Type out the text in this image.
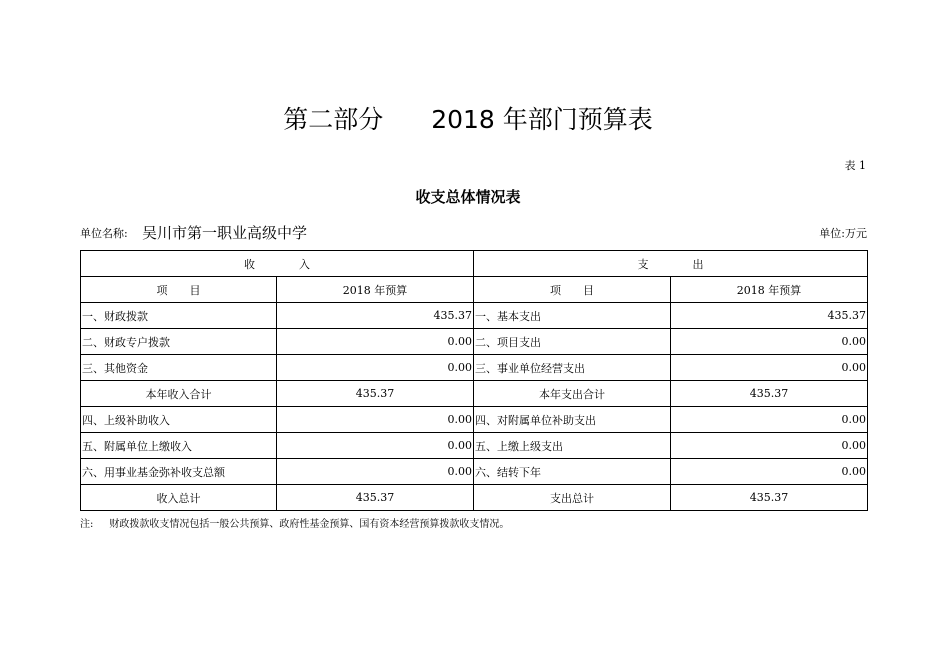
第二部分 2018 年部门预算表
表 1
收支总体情况表
单位名称: 吴川市第一职业高级中学	单位:万元
收　　　　入		支　　　　出	
项　　目	2018 年预算	项　　目	2018 年预算
一、财政拨款	435.37	一、基本支出	435.37
二、财政专户拨款	0.00	二、项目支出	0.00
三、其他资金	0.00	三、事业单位经营支出	0.00
本年收入合计	435.37	本年支出合计	435.37
四、上级补助收入	0.00	四、对附属单位补助支出	0.00
五、附属单位上缴收入	0.00	五、上缴上级支出	0.00
六、用事业基金弥补收支总额	0.00	六、结转下年	0.00
收入总计	435.37	支出总计	435.37
注: 财政拨款收支情况包括一般公共预算、政府性基金预算、国有资本经营预算拨款收支情况。
